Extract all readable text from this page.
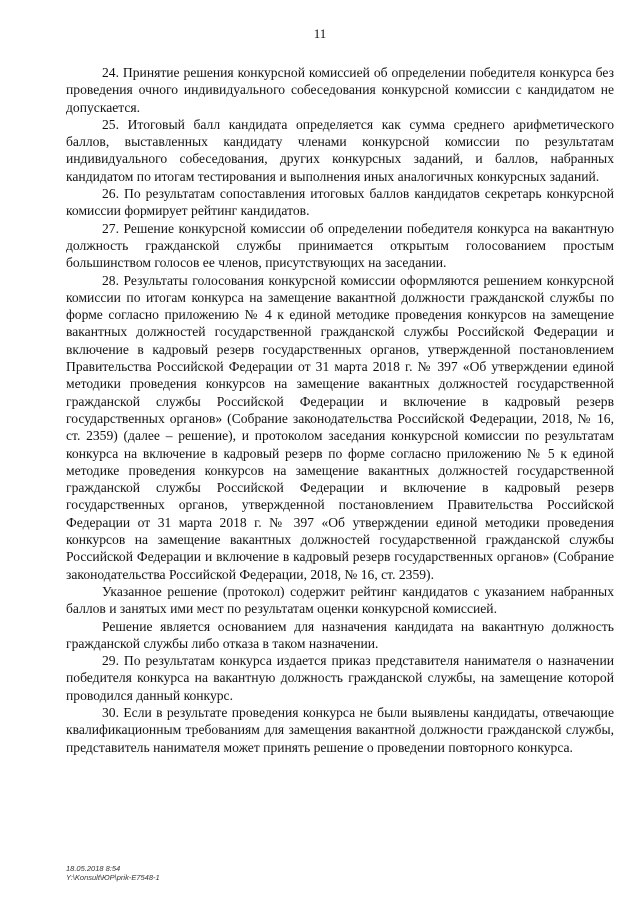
11

24. Принятие решения конкурсной комиссией об определении победителя конкурса без проведения очного индивидуального собеседования конкурсной комиссии с кандидатом не допускается.

25. Итоговый балл кандидата определяется как сумма среднего арифметического баллов, выставленных кандидату членами конкурсной комиссии по результатам индивидуального собеседования, других конкурсных заданий, и баллов, набранных кандидатом по итогам тестирования и выполнения иных аналогичных конкурсных заданий.

26. По результатам сопоставления итоговых баллов кандидатов секретарь конкурсной комиссии формирует рейтинг кандидатов.

27. Решение конкурсной комиссии об определении победителя конкурса на вакантную должность гражданской службы принимается открытым голосованием простым большинством голосов ее членов, присутствующих на заседании.

28. Результаты голосования конкурсной комиссии оформляются решением конкурсной комиссии по итогам конкурса на замещение вакантной должности гражданской службы по форме согласно приложению № 4 к единой методике проведения конкурсов на замещение вакантных должностей государственной гражданской службы Российской Федерации и включение в кадровый резерв государственных органов, утвержденной постановлением Правительства Российской Федерации от 31 марта 2018 г. № 397 «Об утверждении единой методики проведения конкурсов на замещение вакантных должностей государственной гражданской службы Российской Федерации и включение в кадровый резерв государственных органов» (Собрание законодательства Российской Федерации, 2018, № 16, ст. 2359) (далее – решение), и протоколом заседания конкурсной комиссии по результатам конкурса на включение в кадровый резерв по форме согласно приложению № 5 к единой методике проведения конкурсов на замещение вакантных должностей государственной гражданской службы Российской Федерации и включение в кадровый резерв государственных органов, утвержденной постановлением Правительства Российской Федерации от 31 марта 2018 г. № 397 «Об утверждении единой методики проведения конкурсов на замещение вакантных должностей государственной гражданской службы Российской Федерации и включение в кадровый резерв государственных органов» (Собрание законодательства Российской Федерации, 2018, № 16, ст. 2359).

Указанное решение (протокол) содержит рейтинг кандидатов с указанием набранных баллов и занятых ими мест по результатам оценки конкурсной комиссией.

Решение является основанием для назначения кандидата на вакантную должность гражданской службы либо отказа в таком назначении.

29. По результатам конкурса издается приказ представителя нанимателя о назначении победителя конкурса на вакантную должность гражданской службы, на замещение которой проводился данный конкурс.

30. Если в результате проведения конкурса не были выявлены кандидаты, отвечающие квалификационным требованиям для замещения вакантной должности гражданской службы, представитель нанимателя может принять решение о проведении повторного конкурса.

18.05.2018 8:54
Y:\Konsult\ЮР\prik-E7548-1
